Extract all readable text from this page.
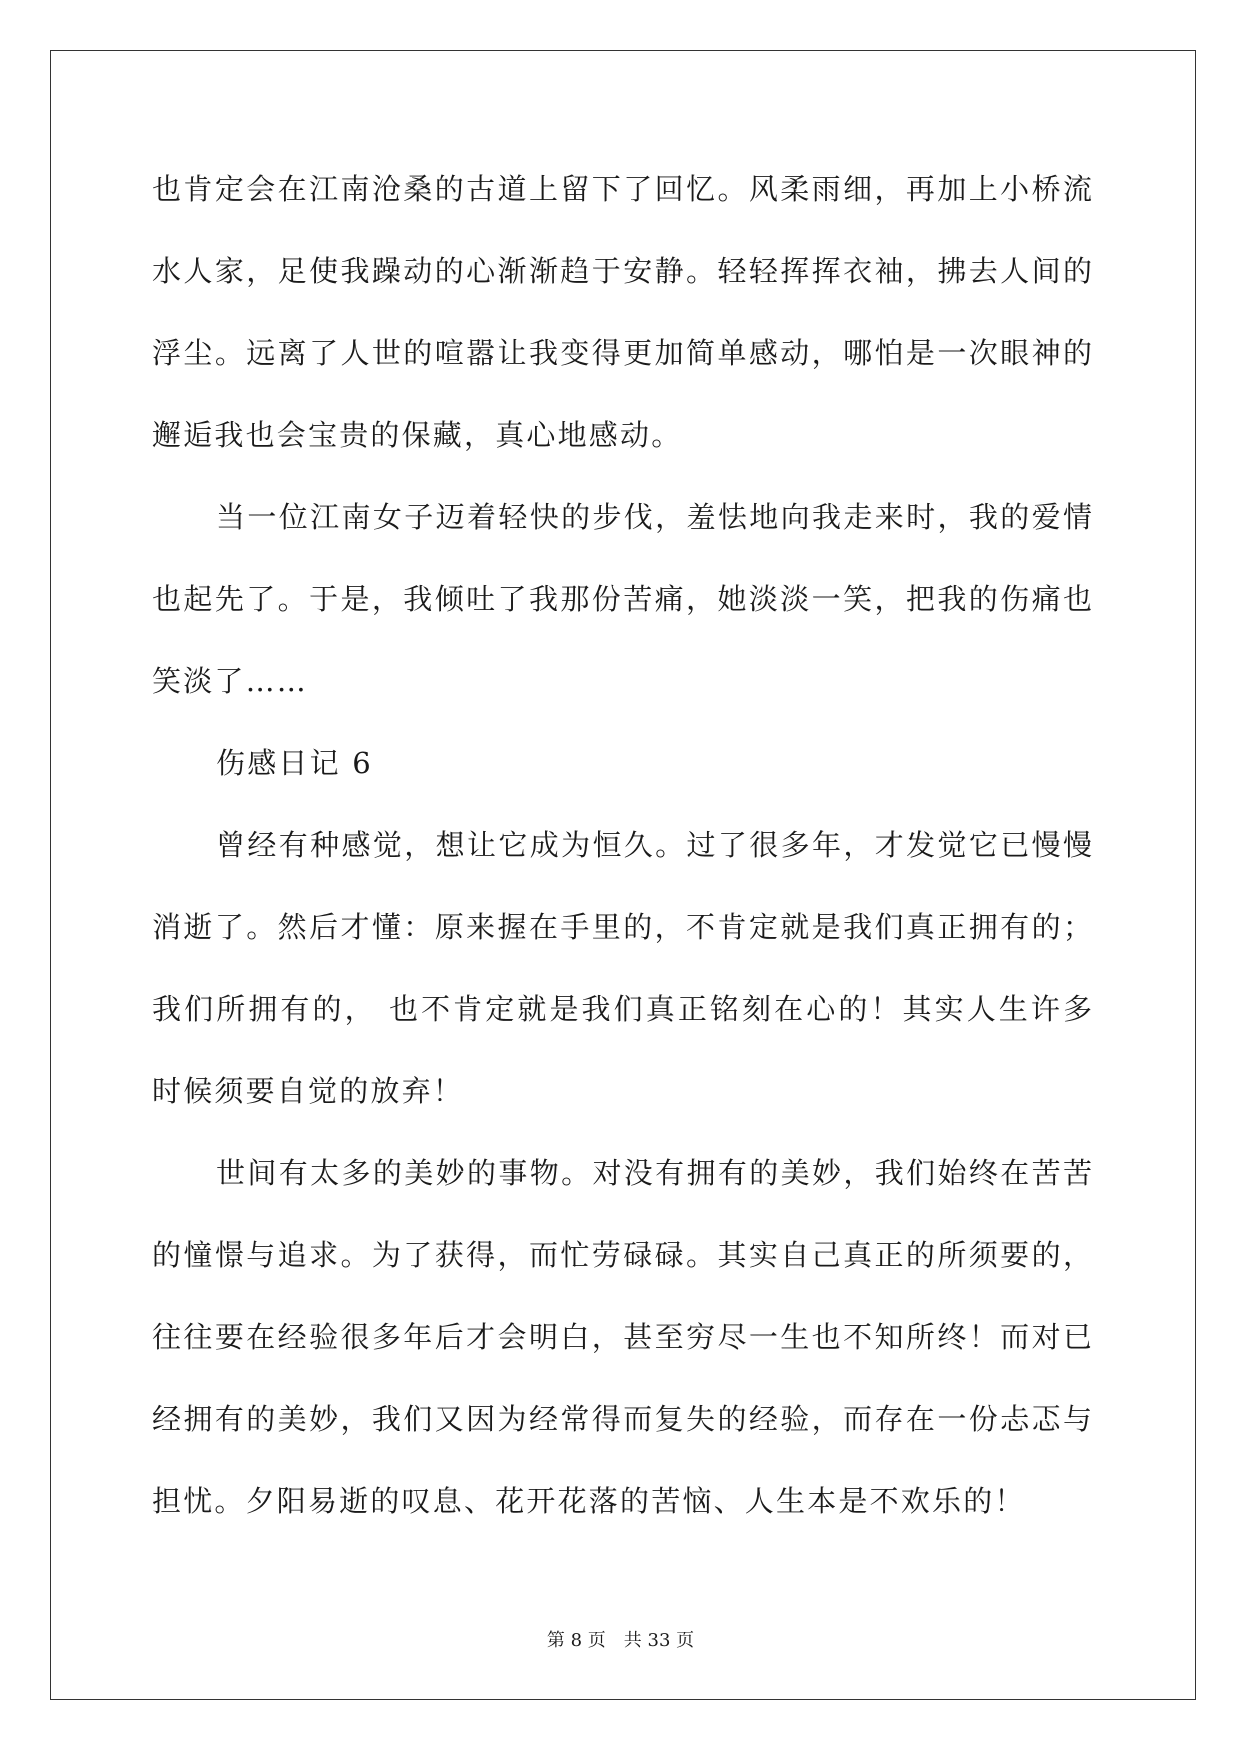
也肯定会在江南沧桑的古道上留下了回忆。风柔雨细，再加上小桥流
水人家，足使我躁动的心渐渐趋于安静。轻轻挥挥衣袖，拂去人间的
浮尘。远离了人世的喧嚣让我变得更加简单感动，哪怕是一次眼神的
邂逅我也会宝贵的保藏，真心地感动。
当一位江南女子迈着轻快的步伐，羞怯地向我走来时，我的爱情
也起先了。于是，我倾吐了我那份苦痛，她淡淡一笑，把我的伤痛也
笑淡了……
伤感日记 6
曾经有种感觉，想让它成为恒久。过了很多年，才发觉它已慢慢
消逝了。然后才懂：原来握在手里的，不肯定就是我们真正拥有的；
我们所拥有的， 也不肯定就是我们真正铭刻在心的！其实人生许多
时候须要自觉的放弃！
世间有太多的美妙的事物。对没有拥有的美妙，我们始终在苦苦
的憧憬与追求。为了获得，而忙劳碌碌。其实自己真正的所须要的，
往往要在经验很多年后才会明白，甚至穷尽一生也不知所终！而对已
经拥有的美妙，我们又因为经常得而复失的经验，而存在一份忐忑与
担忧。夕阳易逝的叹息、花开花落的苦恼、人生本是不欢乐的！
第 8 页 共 33 页
